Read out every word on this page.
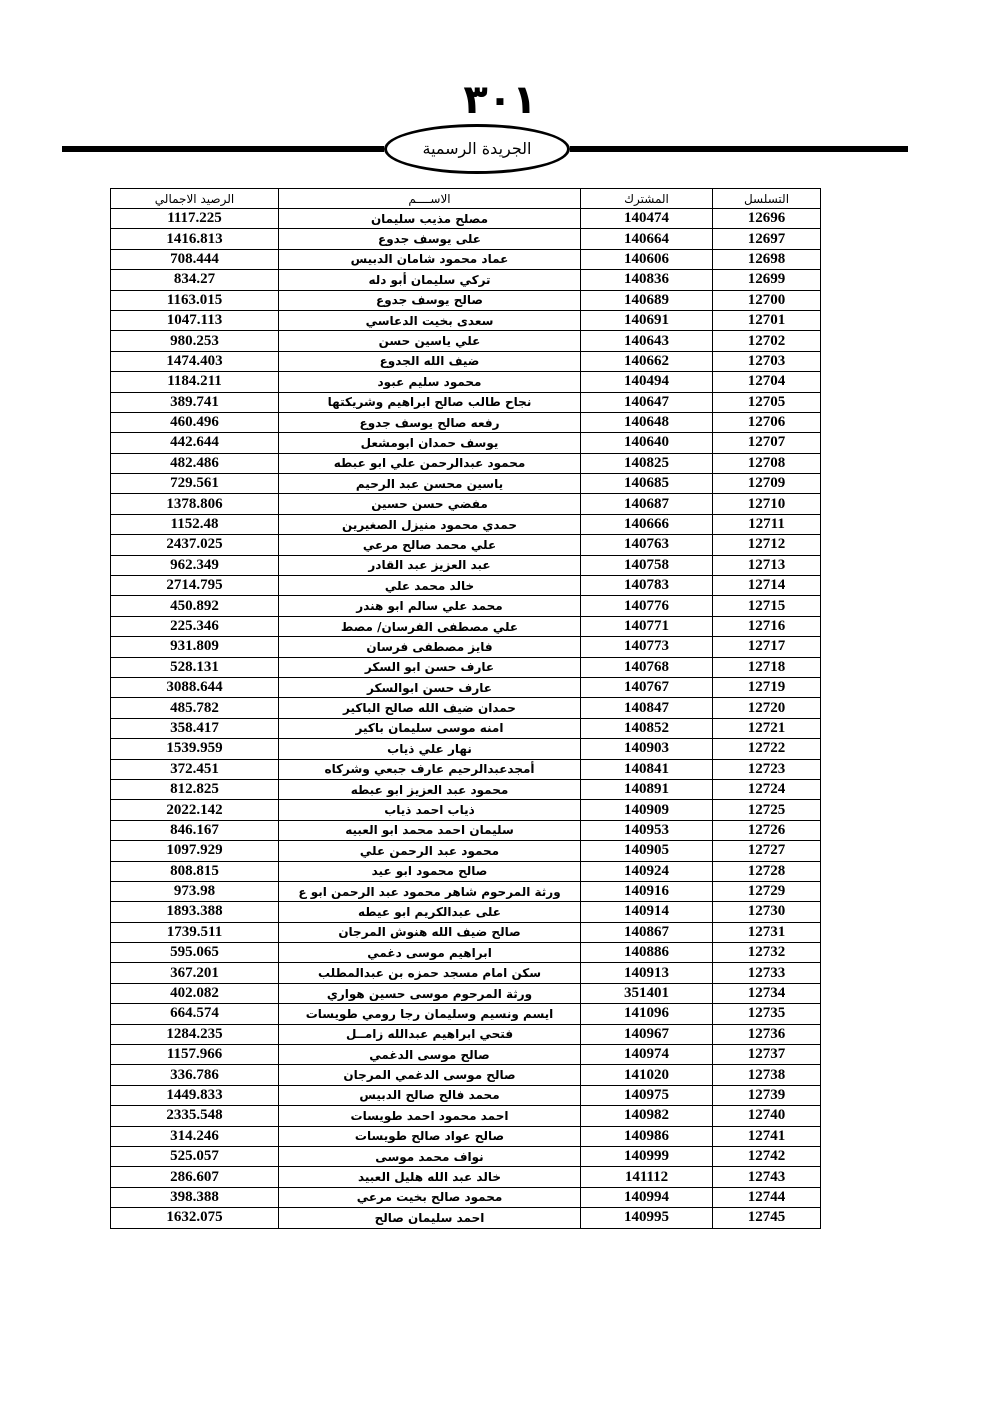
٣٠١
الجريدة الرسمية
التسلسل	المشترك	الاســــم	الرصيد الاجمالي
12696	140474	مصلح مذيب سليمان	1117.225
12697	140664	على يوسف جدوع	1416.813
12698	140606	عماد محمود شامان الدبيس	708.444
12699	140836	تركي سليمان أبو دله	834.27
12700	140689	صالح يوسف جدوع	1163.015
12701	140691	سعدى بخيت الدعاسي	1047.113
12702	140643	علي ياسين حسن	980.253
12703	140662	ضيف الله الجدوع	1474.403
12704	140494	محمود سليم عبود	1184.211
12705	140647	نجاح طالب صالح ابراهيم وشريكتها	389.741
12706	140648	رفعه صالح يوسف جدوع	460.496
12707	140640	يوسف حمدان ابومشعل	442.644
12708	140825	محمود عبدالرحمن علي ابو عبطه	482.486
12709	140685	ياسين محسن عبد الرحيم	729.561
12710	140687	مفضي حسن حسين	1378.806
12711	140666	حمدي محمود منيزل الصغيرين	1152.48
12712	140763	علي محمد صالح مرعي	2437.025
12713	140758	عبد العزيز عبد القادر	962.349
12714	140783	خالد محمد علي	2714.795
12715	140776	محمد علي سالم ابو هندر	450.892
12716	140771	علي مصطفى الفرسان/ مصط	225.346
12717	140773	فايز مصطفى فرسان	931.809
12718	140768	عارف حسن ابو السكر	528.131
12719	140767	عارف حسن ابوالسكر	3088.644
12720	140847	حمدان ضيف الله صالح الباكير	485.782
12721	140852	امنه موسى سليمان باكير	358.417
12722	140903	نهار علي ذياب	1539.959
12723	140841	أمجدعبدالرحيم عارف جبعي وشركاه	372.451
12724	140891	محمود عبد العزيز ابو عبطه	812.825
12725	140909	ذياب احمد ذياب	2022.142
12726	140953	سليمان احمد محمد ابو العبيه	846.167
12727	140905	محمود عبد الرحمن علي	1097.929
12728	140924	صالح محمود ابو عيد	808.815
12729	140916	ورثة المرحوم شاهر محمود عبد الرحمن ابو ع	973.98
12730	140914	على عبدالكريم ابو عيطه	1893.388
12731	140867	صالح ضيف الله هنوش المرجان	1739.511
12732	140886	ابراهيم موسى دغمي	595.065
12733	140913	سكن امام مسجد حمزه بن عبدالمطلب	367.201
12734	351401	ورثة المرحوم موسى حسين هواري	402.082
12735	141096	ايسم ونسيم وسليمان رجا رومي طويسات	664.574
12736	140967	فتحي ابراهيم عبدالله زامــل	1284.235
12737	140974	صالح موسى الدغمي	1157.966
12738	141020	صالح موسى الدغمي المرجان	336.786
12739	140975	محمد فالح صالح الدبيس	1449.833
12740	140982	احمد محمود احمد طويسات	2335.548
12741	140986	صالح عواد صالح طويسات	314.246
12742	140999	نواف محمد موسى	525.057
12743	141112	خالد عبد الله هليل العبيد	286.607
12744	140994	محمود صالح بخيت مرعي	398.388
12745	140995	احمد سليمان صالح	1632.075
